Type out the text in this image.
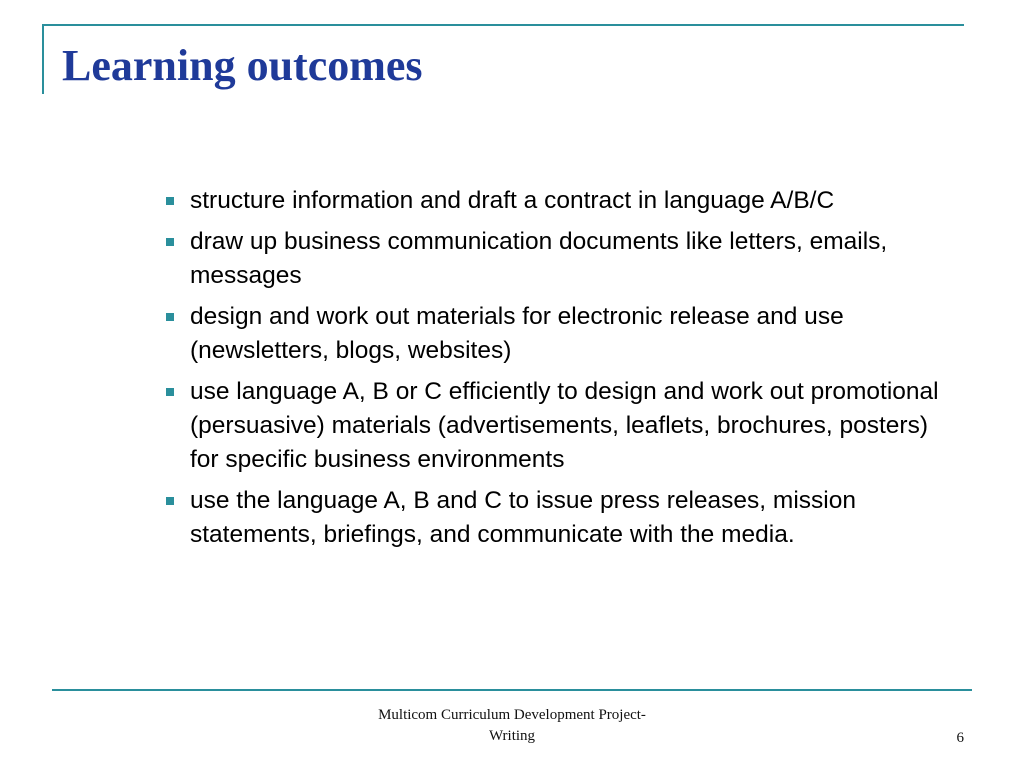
Learning outcomes
structure information and draft a contract in language A/B/C
draw up business communication documents like letters, emails, messages
design and work out materials for electronic release and use (newsletters, blogs, websites)
use language A, B or C efficiently to design and work out promotional (persuasive) materials (advertisements, leaflets, brochures, posters) for specific business environments
use the language A, B and C to issue press releases, mission statements, briefings, and communicate with the media.

Multicom Curriculum Development Project-
Writing	6
